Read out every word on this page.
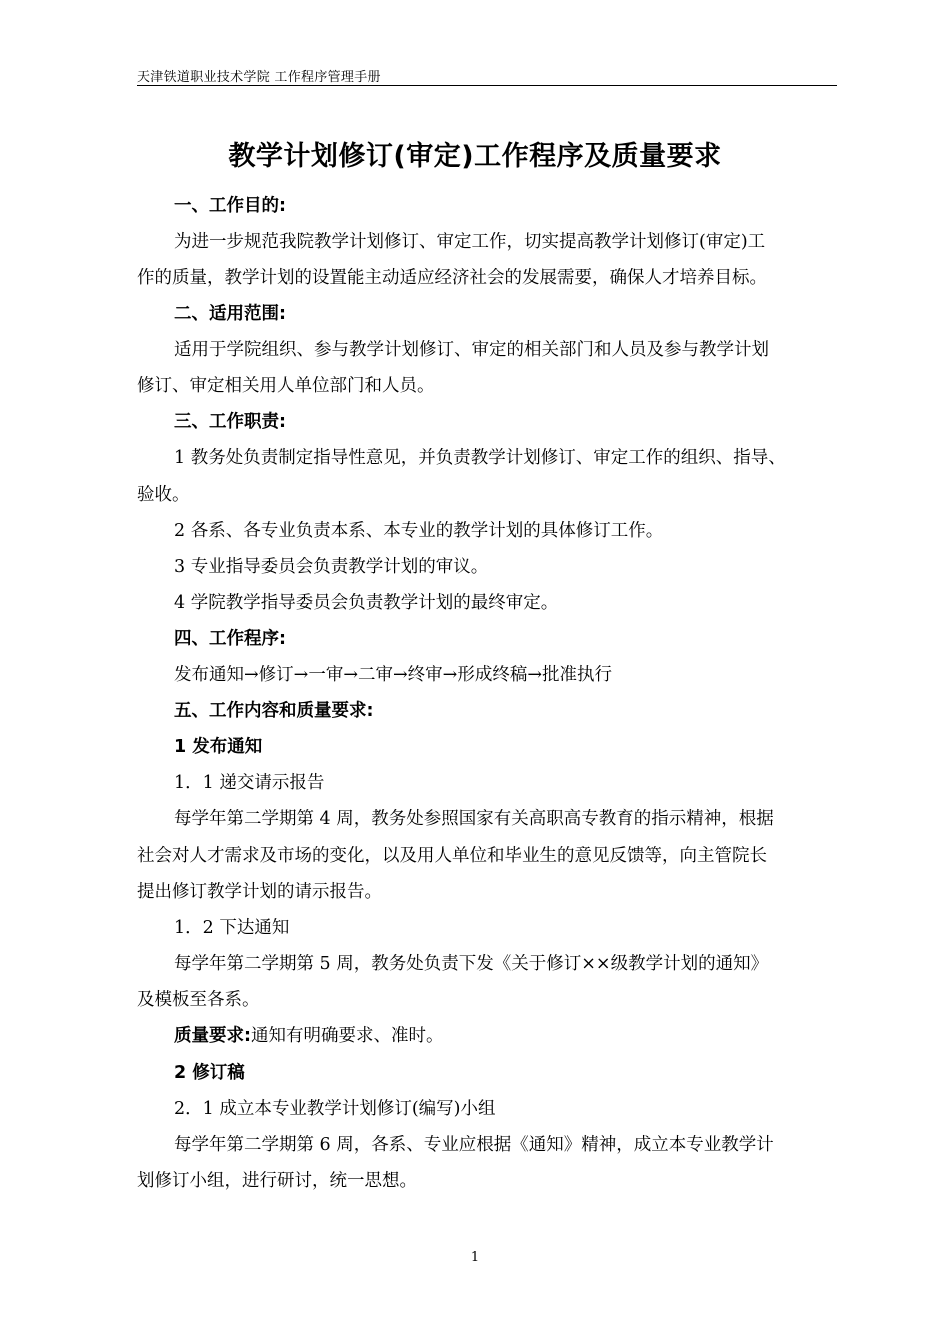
天津铁道职业技术学院 工作程序管理手册
教学计划修订(审定)工作程序及质量要求
一、工作目的:
为进一步规范我院教学计划修订、审定工作，切实提高教学计划修订(审定)工
作的质量，教学计划的设置能主动适应经济社会的发展需要，确保人才培养目标。
二、适用范围:
适用于学院组织、参与教学计划修订、审定的相关部门和人员及参与教学计划
修订、审定相关用人单位部门和人员。
三、工作职责:
1 教务处负责制定指导性意见，并负责教学计划修订、审定工作的组织、指导、
验收。
2 各系、各专业负责本系、本专业的教学计划的具体修订工作。
3 专业指导委员会负责教学计划的审议。
4 学院教学指导委员会负责教学计划的最终审定。
四、工作程序:
发布通知→修订→一审→二审→终审→形成终稿→批准执行
五、工作内容和质量要求:
1 发布通知
1．1 递交请示报告
每学年第二学期第 4 周，教务处参照国家有关高职高专教育的指示精神，根据
社会对人才需求及市场的变化，以及用人单位和毕业生的意见反馈等，向主管院长
提出修订教学计划的请示报告。
1．2 下达通知
每学年第二学期第 5 周，教务处负责下发《关于修订××级教学计划的通知》
及模板至各系。
质量要求:通知有明确要求、准时。
2 修订稿
2．1 成立本专业教学计划修订(编写)小组
每学年第二学期第 6 周，各系、专业应根据《通知》精神，成立本专业教学计
划修订小组，进行研讨，统一思想。
1
